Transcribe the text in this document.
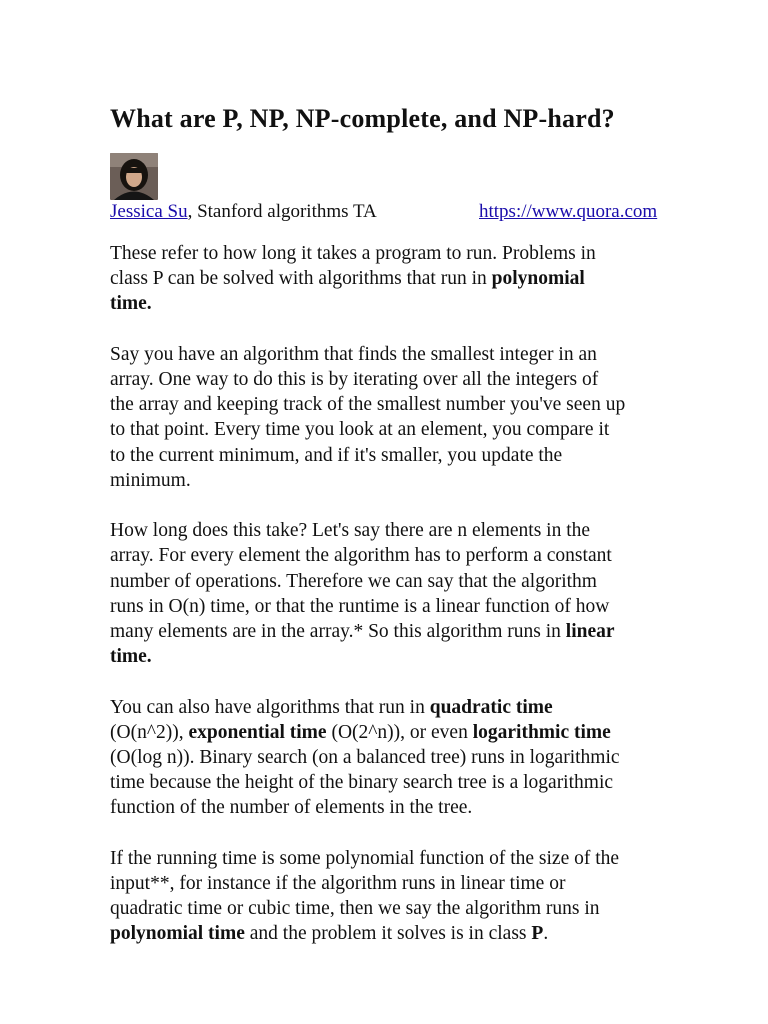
What are P, NP, NP-complete, and NP-hard?
Jessica Su, Stanford algorithms TA	https://www.quora.com

These refer to how long it takes a program to run. Problems in
class P can be solved with algorithms that run in polynomial
time.

Say you have an algorithm that finds the smallest integer in an
array. One way to do this is by iterating over all the integers of
the array and keeping track of the smallest number you've seen up
to that point. Every time you look at an element, you compare it
to the current minimum, and if it's smaller, you update the
minimum.

How long does this take? Let's say there are n elements in the
array. For every element the algorithm has to perform a constant
number of operations. Therefore we can say that the algorithm
runs in O(n) time, or that the runtime is a linear function of how
many elements are in the array.* So this algorithm runs in linear
time.

You can also have algorithms that run in quadratic time
(O(n^2)), exponential time (O(2^n)), or even logarithmic time
(O(log n)). Binary search (on a balanced tree) runs in logarithmic
time because the height of the binary search tree is a logarithmic
function of the number of elements in the tree.

If the running time is some polynomial function of the size of the
input**, for instance if the algorithm runs in linear time or
quadratic time or cubic time, then we say the algorithm runs in
polynomial time and the problem it solves is in class P.
